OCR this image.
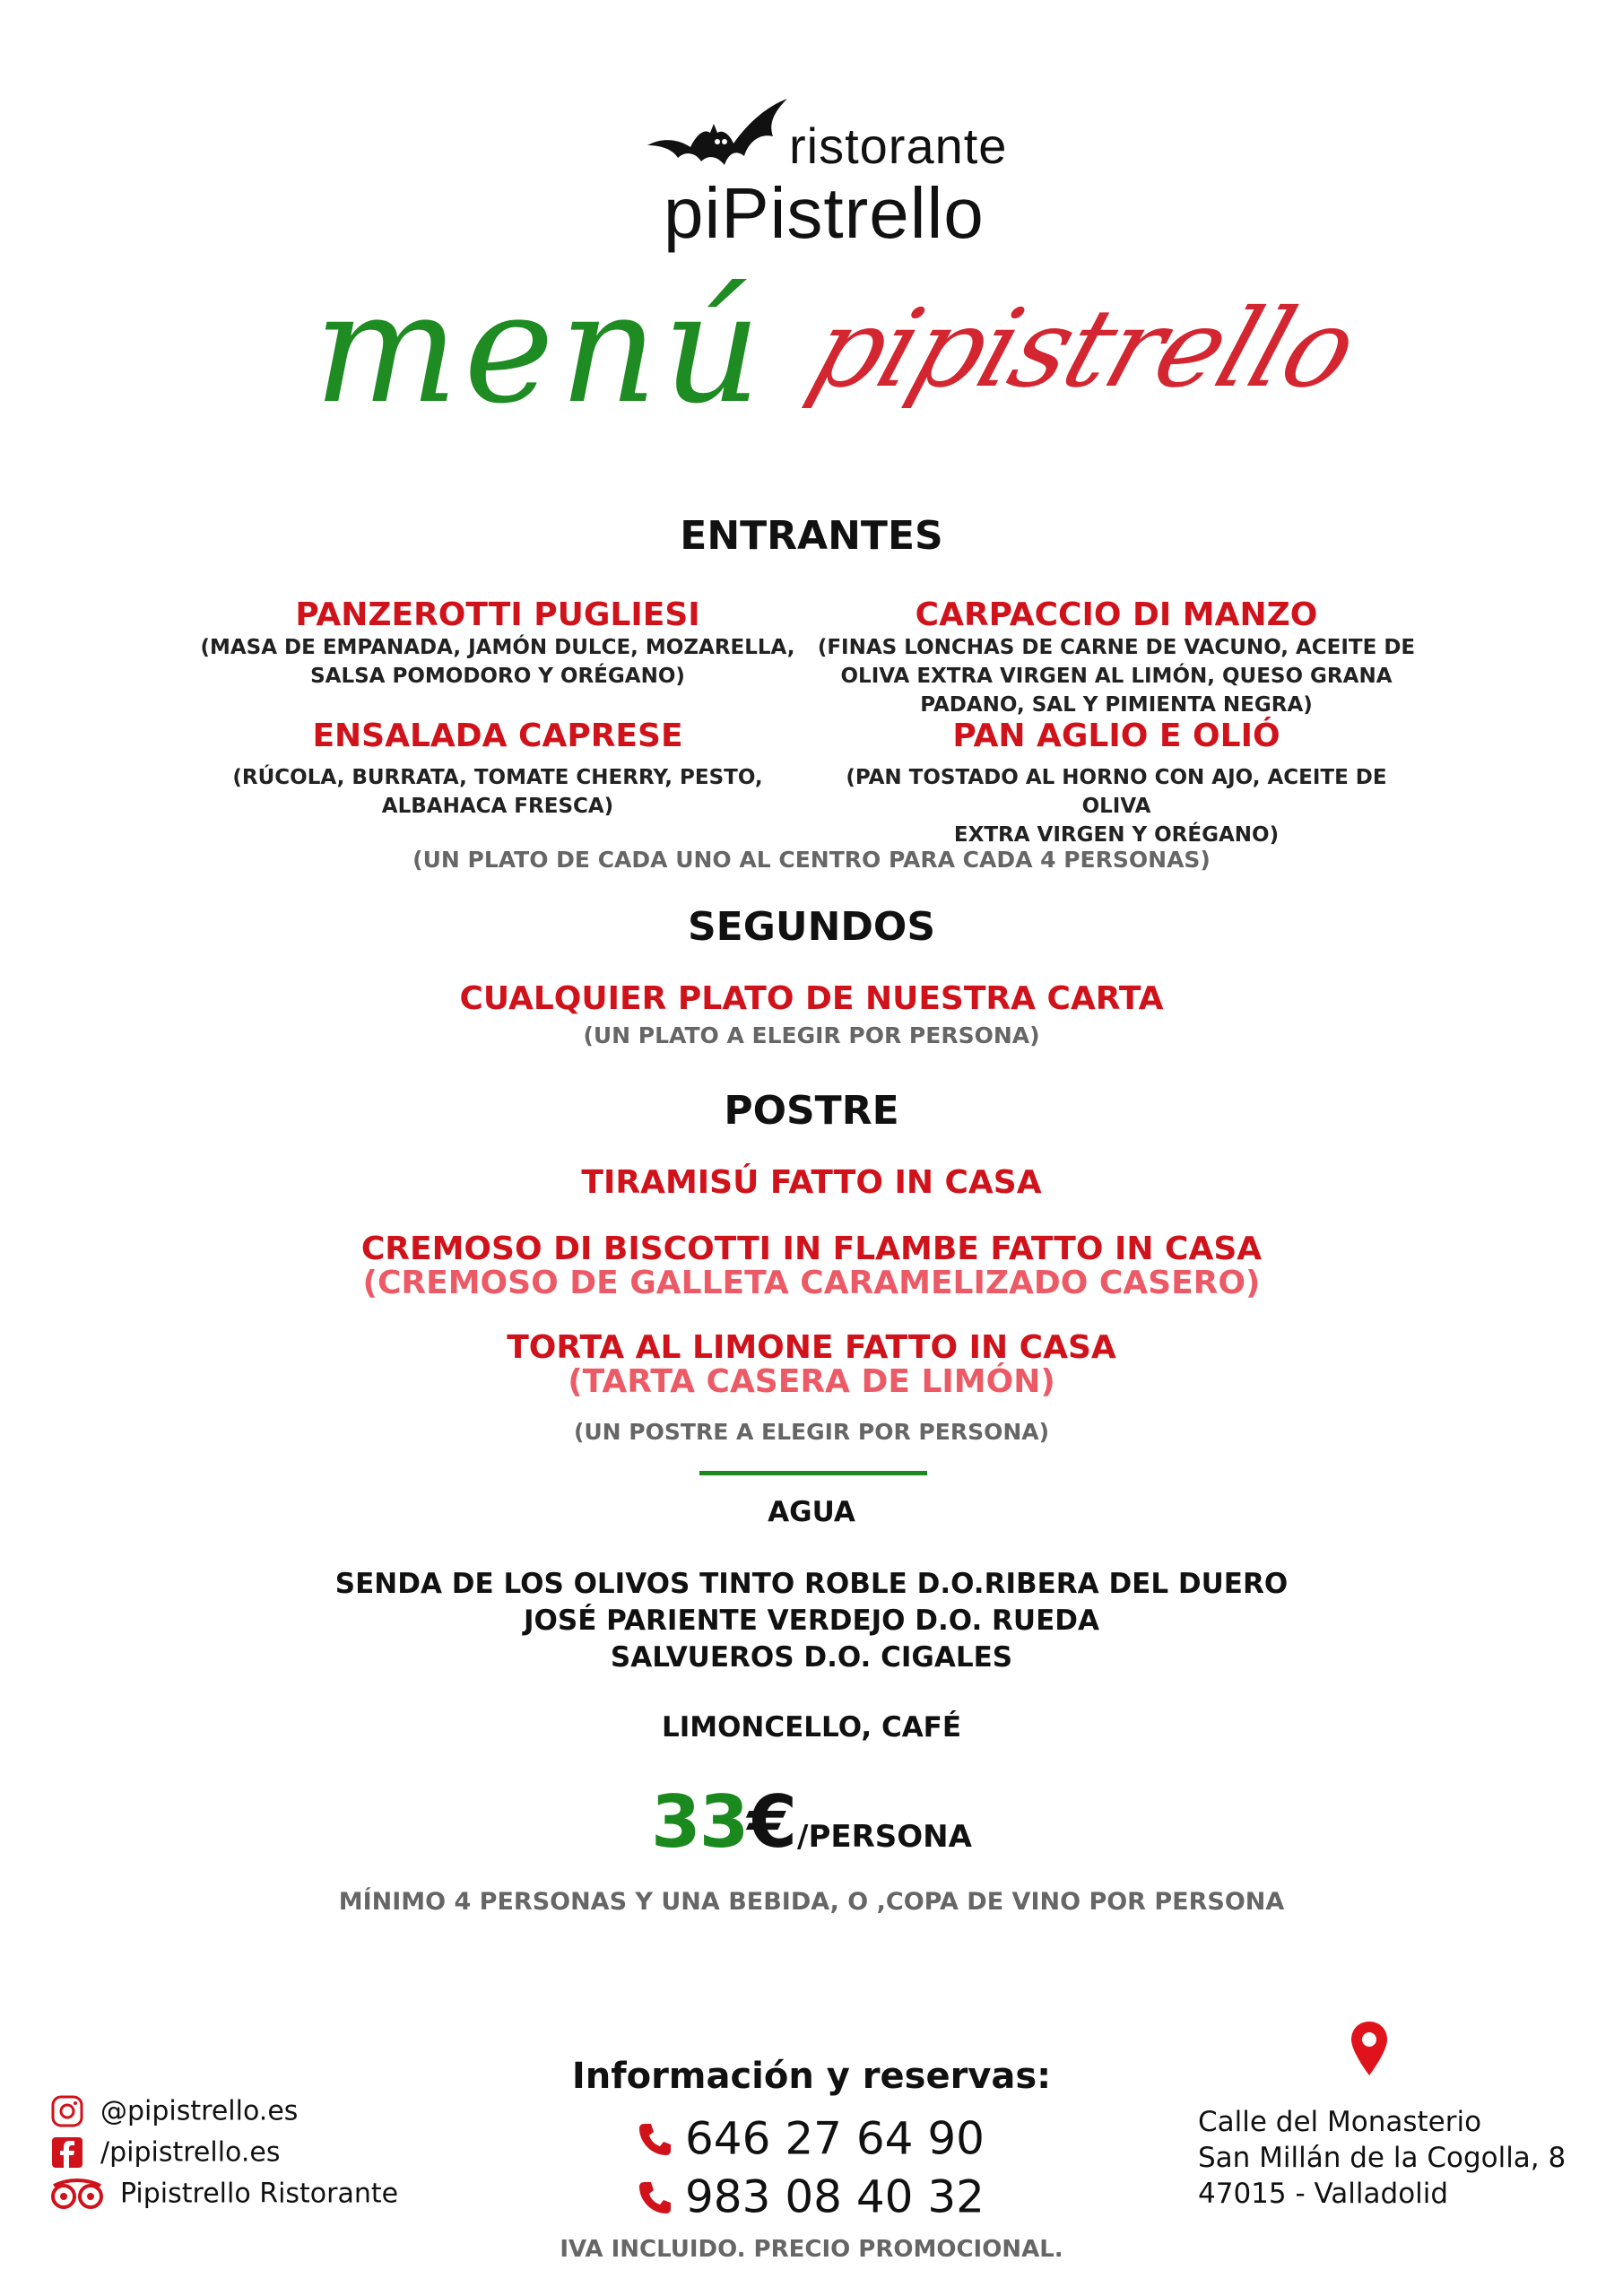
ristorante
piPistrello
menú pipistrello
ENTRANTES
PANZEROTTI PUGLIESI
(MASA DE EMPANADA, JAMÓN DULCE, MOZARELLA,
SALSA POMODORO Y ORÉGANO)
CARPACCIO DI MANZO
(FINAS LONCHAS DE CARNE DE VACUNO, ACEITE DE
OLIVA EXTRA VIRGEN AL LIMÓN, QUESO GRANA
PADANO, SAL Y PIMIENTA NEGRA)
ENSALADA CAPRESE
(RÚCOLA, BURRATA, TOMATE CHERRY, PESTO,
ALBAHACA FRESCA)
PAN AGLIO E OLIÓ
(PAN TOSTADO AL HORNO CON AJO, ACEITE DE OLIVA
EXTRA VIRGEN Y ORÉGANO)
(UN PLATO DE CADA UNO AL CENTRO PARA CADA 4 PERSONAS)
SEGUNDOS
CUALQUIER PLATO DE NUESTRA CARTA
(UN PLATO A ELEGIR POR PERSONA)
POSTRE
TIRAMISÚ FATTO IN CASA
CREMOSO DI BISCOTTI IN FLAMBE FATTO IN CASA
(CREMOSO DE GALLETA CARAMELIZADO CASERO)
TORTA AL LIMONE FATTO IN CASA
(TARTA CASERA DE LIMÓN)
(UN POSTRE A ELEGIR POR PERSONA)
AGUA
SENDA DE LOS OLIVOS TINTO ROBLE D.O.RIBERA DEL DUERO
JOSÉ PARIENTE VERDEJO D.O. RUEDA
SALVUEROS D.O. CIGALES
LIMONCELLO, CAFÉ
33€/PERSONA
MÍNIMO 4 PERSONAS Y UNA BEBIDA, O ,COPA DE VINO POR PERSONA
@pipistrello.es
/pipistrello.es
Pipistrello Ristorante
Información y reservas:
646 27 64 90
983 08 40 32
Calle del Monasterio
San Millán de la Cogolla, 8
47015 - Valladolid
IVA INCLUIDO. PRECIO PROMOCIONAL.
